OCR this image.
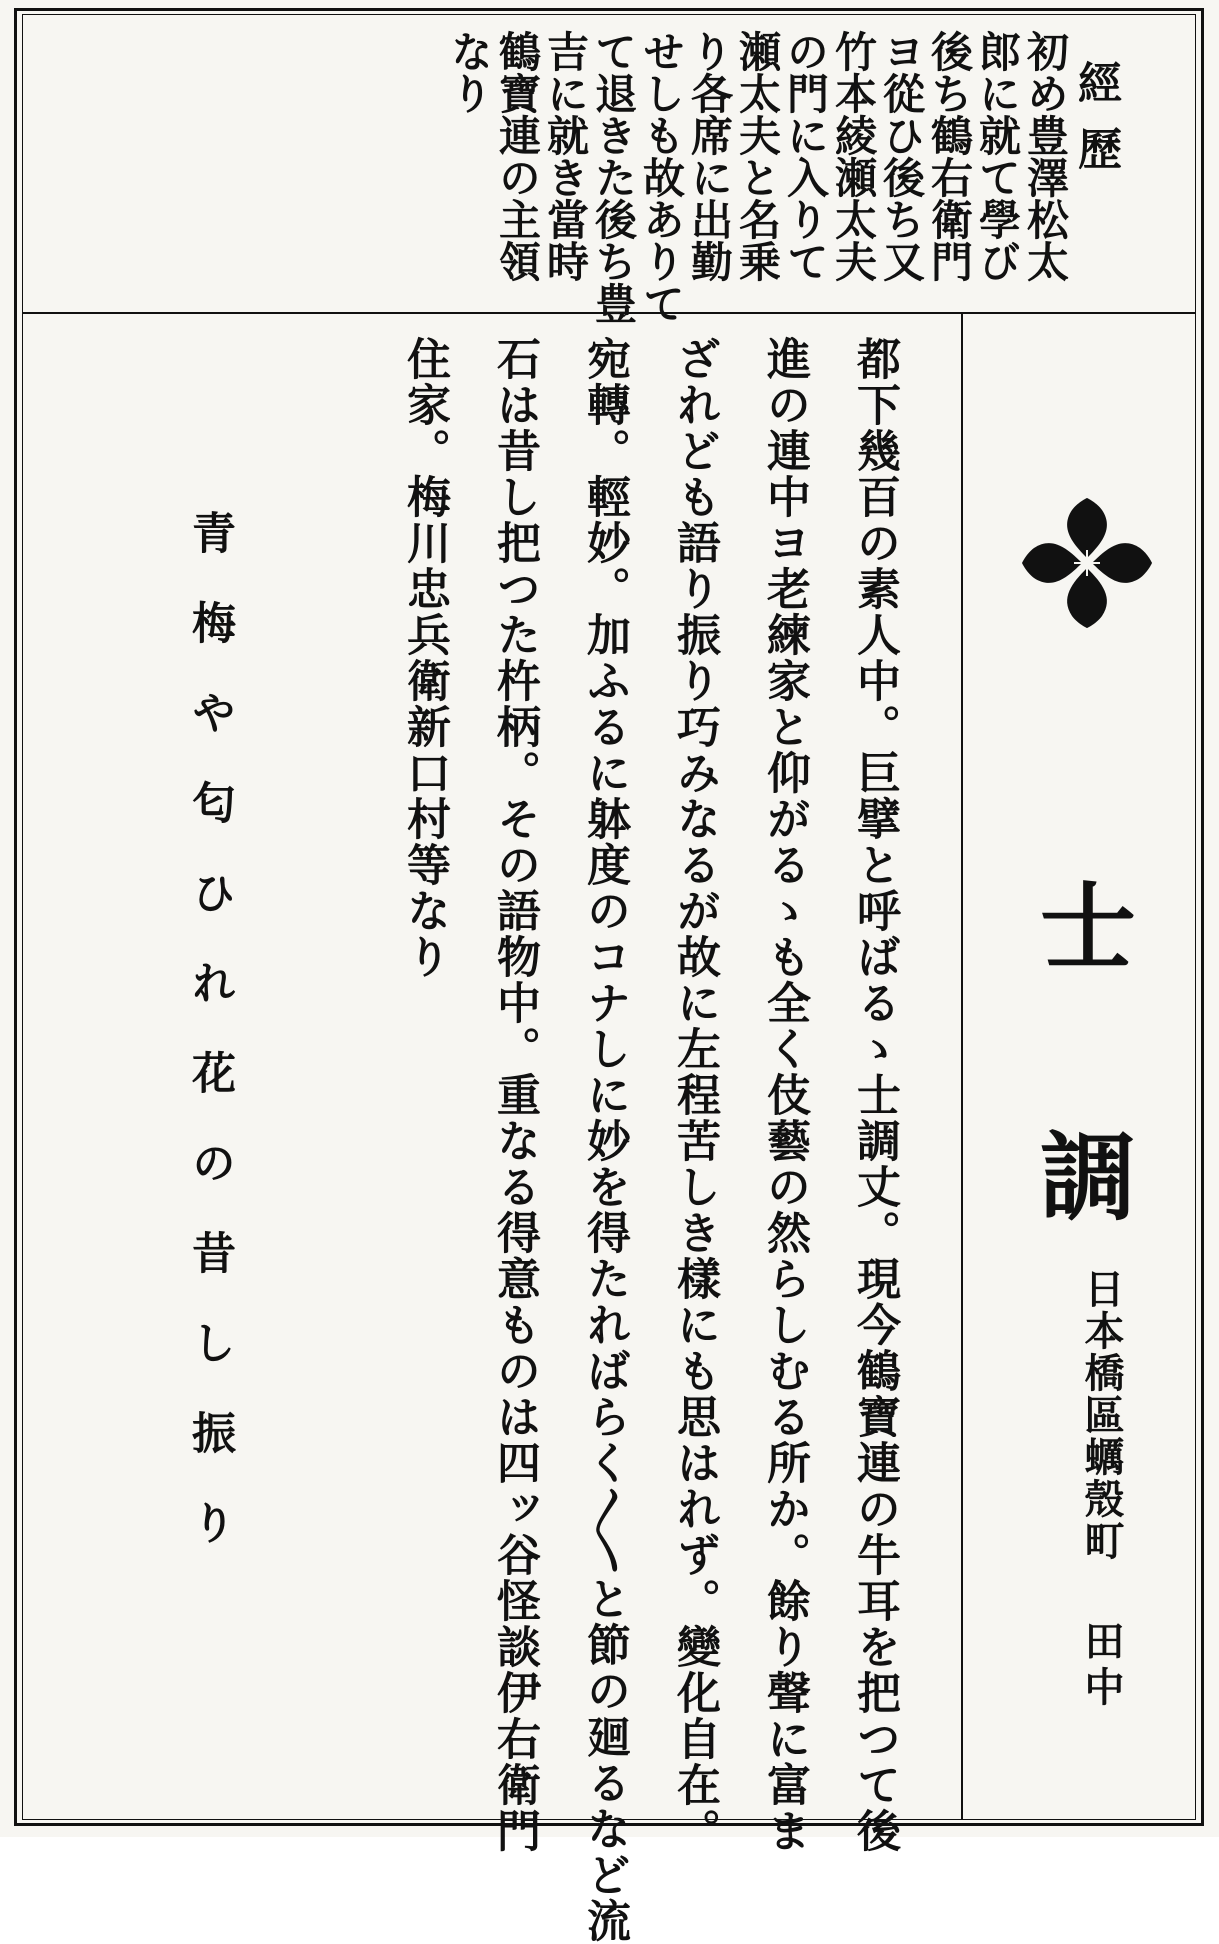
經歷
初め豊澤松太
郎に就て學び
後ち鶴右衛門
ヨ從ひ後ち又
竹本綾瀬太夫
の門に入りて
瀬太夫と名乗
り各席に出勤
せしも故ありて
て退きた後ち豊
吉に就き當時
鶴寶連の主領
なり
士
調
日本橋區蠣殼町
田中
都下幾百の素人中。巨擘と呼ばるゝ士調丈。現今鶴寶連の牛耳を把つて後
進の連中ヨ老練家と仰がるゝも全く伎藝の然らしむる所か。餘り聲に富ま
ざれども語り振り巧みなるが故に左程苦しき樣にも思はれず。變化自在。
宛轉。輕妙。加ふるに躰度のコナしに妙を得たればらく〳〵と節の廻るなど流
石は昔し把つた杵柄。その語物中。重なる得意ものは四ッ谷怪談伊右衛門
住家。梅川忠兵衛新口村等なり
青梅や匂ひれ花の昔し振り
